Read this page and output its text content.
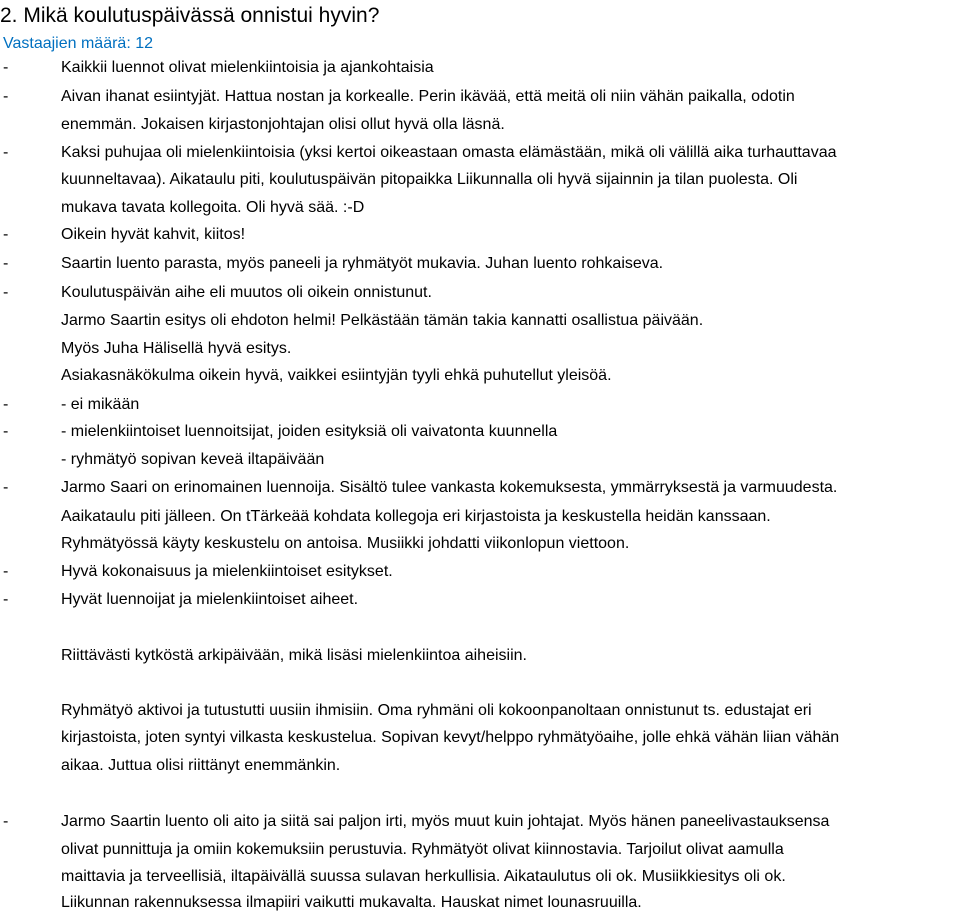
2. Mikä koulutuspäivässä onnistui hyvin?
Vastaajien määrä: 12
-	Kaikkii luennot olivat mielenkiintoisia ja ajankohtaisia
-	Aivan ihanat esiintyjät. Hattua nostan ja korkealle. Perin ikävää, että meitä oli niin vähän paikalla, odotin
enemmän. Jokaisen kirjastonjohtajan olisi ollut hyvä olla läsnä.
-	Kaksi puhujaa oli mielenkiintoisia (yksi kertoi oikeastaan omasta elämästään, mikä oli välillä aika turhauttavaa
kuunneltavaa). Aikataulu piti, koulutuspäivän pitopaikka Liikunnalla oli hyvä sijainnin ja tilan puolesta. Oli
mukava tavata kollegoita. Oli hyvä sää. :-D
-	Oikein hyvät kahvit, kiitos!
-	Saartin luento parasta, myös paneeli ja ryhmätyöt mukavia. Juhan luento rohkaiseva.
-	Koulutuspäivän aihe eli muutos oli oikein onnistunut.
Jarmo Saartin esitys oli ehdoton helmi! Pelkästään tämän takia kannatti osallistua päivään.
Myös Juha Hälisellä hyvä esitys.
Asiakasnäkökulma oikein hyvä, vaikkei esiintyjän tyyli ehkä puhutellut yleisöä.
-	- ei mikään
-	- mielenkiintoiset luennoitsijat, joiden esityksiä oli vaivatonta kuunnella
- ryhmätyö sopivan keveä iltapäivään
-	Jarmo Saari on erinomainen luennoija. Sisältö tulee vankasta kokemuksesta, ymmärryksestä ja varmuudesta.
Aaikataulu piti jälleen. On tTärkeää kohdata kollegoja eri kirjastoista ja keskustella heidän kanssaan.
Ryhmätyössä käyty keskustelu on antoisa. Musiikki johdatti viikonlopun viettoon.
-	Hyvä kokonaisuus ja mielenkiintoiset esitykset.
-	Hyvät luennoijat ja mielenkiintoiset aiheet.
Riittävästi kytköstä arkipäivään, mikä lisäsi mielenkiintoa aiheisiin.
Ryhmätyö aktivoi ja tutustutti uusiin ihmisiin. Oma ryhmäni oli kokoonpanoltaan onnistunut ts. edustajat eri
kirjastoista, joten syntyi vilkasta keskustelua. Sopivan kevyt/helppo ryhmätyöaihe, jolle ehkä vähän liian vähän
aikaa. Juttua olisi riittänyt enemmänkin.
-	Jarmo Saartin luento oli aito ja siitä sai paljon irti, myös muut kuin johtajat. Myös hänen paneelivastauksensa
olivat punnittuja ja omiin kokemuksiin perustuvia. Ryhmätyöt olivat kiinnostavia. Tarjoilut olivat aamulla
maittavia ja terveellisiä, iltapäivällä suussa sulavan herkullisia. Aikataulutus oli ok. Musiikkiesitys oli ok.
Liikunnan rakennuksessa ilmapiiri vaikutti mukavalta. Hauskat nimet lounasruuilla.
